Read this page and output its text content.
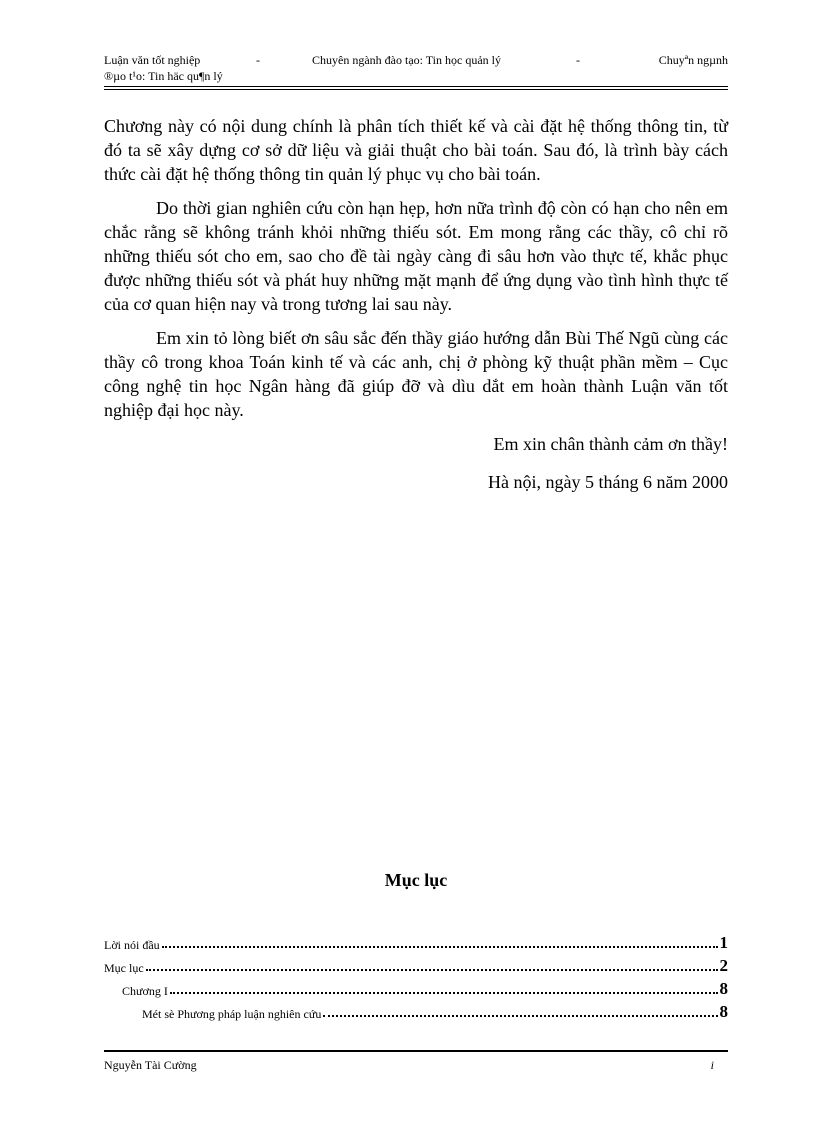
Luận văn tốt nghiệp	-	Chuyên ngành đào tạo: Tin học quản lý	-	Chuyªn ngµnh
®µo t¹o: Tin häc qu¶n lý

Chương này có nội dung chính là phân tích thiết kế và cài đặt hệ thống thông tin, từ đó ta sẽ xây dựng cơ sở dữ liệu và giải thuật cho bài toán. Sau đó, là trình bày cách thức cài đặt hệ thống thông tin quản lý phục vụ cho bài toán.

Do thời gian nghiên cứu còn hạn hẹp, hơn nữa trình độ còn có hạn cho nên em chắc rằng sẽ không tránh khỏi những thiếu sót. Em mong rằng các thầy, cô chỉ rõ những thiếu sót cho em, sao cho đề tài ngày càng đi sâu hơn vào thực tế, khắc phục được những thiếu sót và phát huy những mặt mạnh để ứng dụng vào tình hình thực tế của cơ quan hiện nay và trong tương lai sau này.

Em xin tỏ lòng biết ơn sâu sắc đến thầy giáo hướng dẫn Bùi Thế Ngũ cùng các thầy cô trong khoa Toán kinh tế và các anh, chị ở phòng kỹ thuật phần mềm – Cục công nghệ tin học Ngân hàng đã giúp đỡ và dìu dắt em hoàn thành Luận văn tốt nghiệp đại học này.

Em xin chân thành cảm ơn thầy!

Hà nội, ngày 5 tháng 6 năm 2000

Mục lục
Lời nói đầu	1
Mục lục	2
Chương I	8
Mét sè Phương pháp luận nghiên cứu	8
Nguyễn Tài Cường	i
